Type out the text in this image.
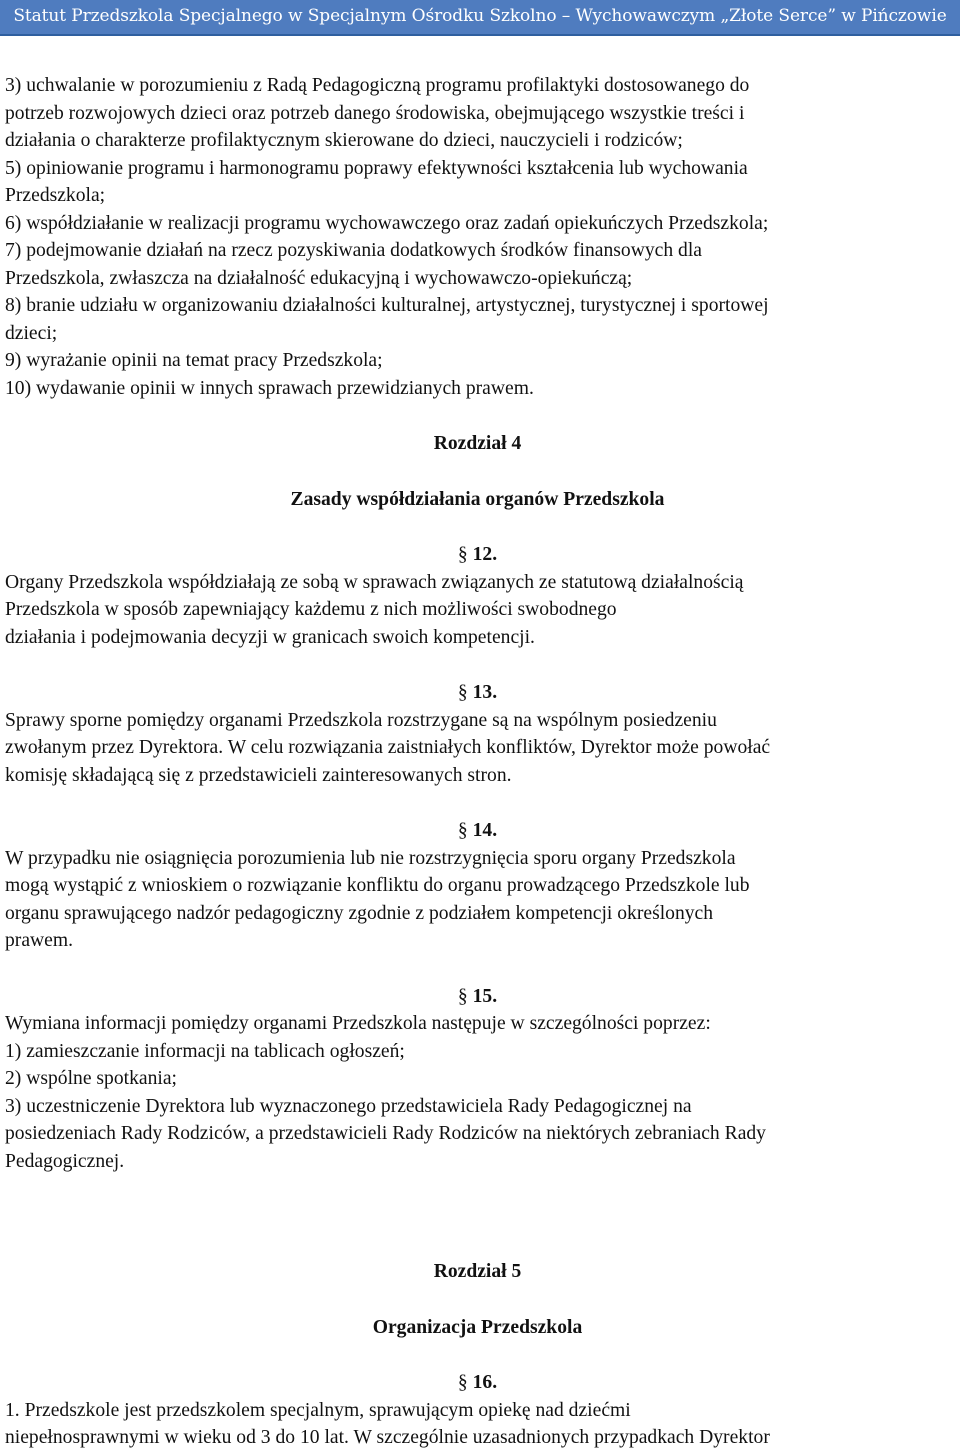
Statut Przedszkola Specjalnego w Specjalnym Ośrodku Szkolno – Wychowawczym „Złote Serce” w Pińczowie

3) uchwalanie w porozumieniu z Radą Pedagogiczną programu profilaktyki dostosowanego do

potrzeb rozwojowych dzieci oraz potrzeb danego środowiska, obejmującego wszystkie treści i

działania o charakterze profilaktycznym skierowane do dzieci, nauczycieli i rodziców;

5) opiniowanie programu i harmonogramu poprawy efektywności kształcenia lub wychowania

Przedszkola;

6) współdziałanie w realizacji programu wychowawczego oraz zadań opiekuńczych Przedszkola;

7) podejmowanie działań na rzecz pozyskiwania dodatkowych środków finansowych dla

Przedszkola, zwłaszcza na działalność edukacyjną i wychowawczo-opiekuńczą;

8) branie udziału w organizowaniu działalności kulturalnej, artystycznej, turystycznej i sportowej

dzieci;

9) wyrażanie opinii na temat pracy Przedszkola;

10) wydawanie opinii w innych sprawach przewidzianych prawem.

Rozdział 4

Zasady współdziałania organów Przedszkola

§ 12.

Organy Przedszkola współdziałają ze sobą w sprawach związanych ze statutową działalnością

Przedszkola w sposób zapewniający każdemu z nich możliwości swobodnego

działania i podejmowania decyzji w granicach swoich kompetencji.

§ 13.

Sprawy sporne pomiędzy organami Przedszkola rozstrzygane są na wspólnym posiedzeniu

zwołanym przez Dyrektora. W celu rozwiązania zaistniałych konfliktów, Dyrektor może powołać

komisję składającą się z przedstawicieli zainteresowanych stron.

§ 14.

W przypadku nie osiągnięcia porozumienia lub nie rozstrzygnięcia sporu organy Przedszkola

mogą wystąpić z wnioskiem o rozwiązanie konfliktu do organu prowadzącego Przedszkole lub

organu sprawującego nadzór pedagogiczny zgodnie z podziałem kompetencji określonych

prawem.

§ 15.

Wymiana informacji pomiędzy organami Przedszkola następuje w szczególności poprzez:

1) zamieszczanie informacji na tablicach ogłoszeń;

2) wspólne spotkania;

3) uczestniczenie Dyrektora lub wyznaczonego przedstawiciela Rady Pedagogicznej na

posiedzeniach Rady Rodziców, a przedstawicieli Rady Rodziców na niektórych zebraniach Rady

Pedagogicznej.

Rozdział 5

Organizacja Przedszkola

§ 16.

1. Przedszkole jest przedszkolem specjalnym, sprawującym opiekę nad dziećmi

niepełnosprawnymi w wieku od 3 do 10 lat. W szczególnie uzasadnionych przypadkach Dyrektor
